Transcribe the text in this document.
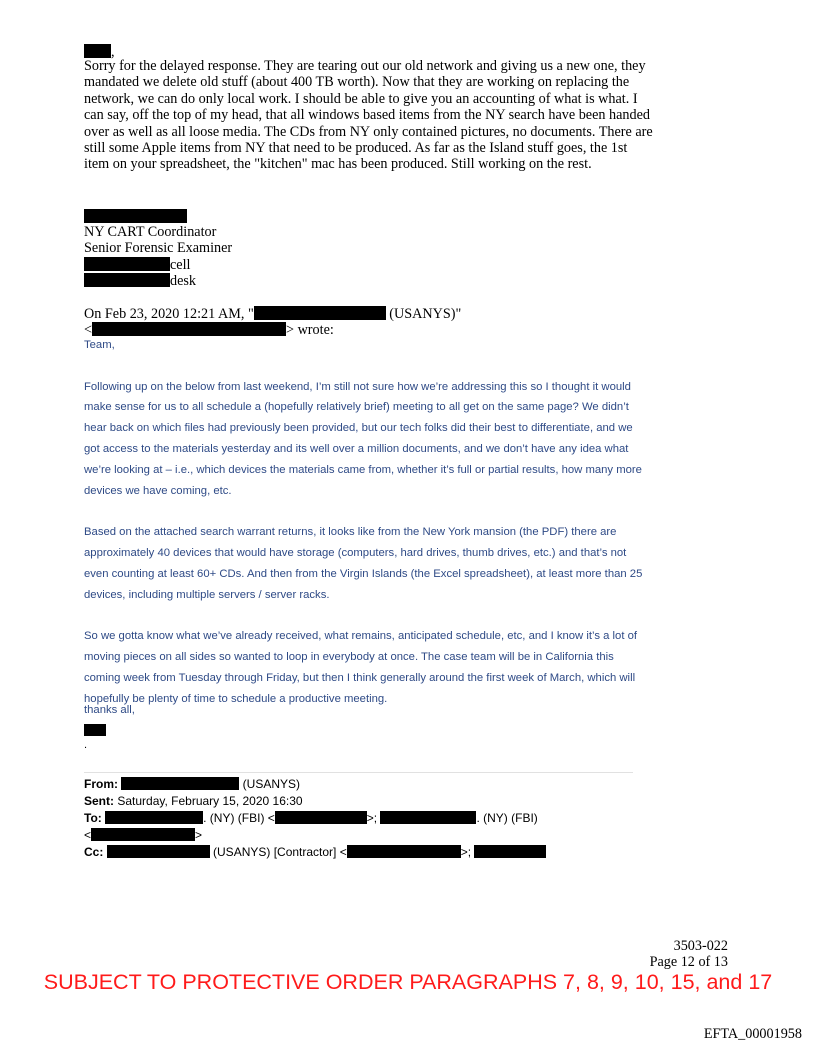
,

Sorry for the delayed response. They are tearing out our old network and giving us a new one, they mandated we delete old stuff (about 400 TB worth). Now that they are working on replacing the network, we can do only local work. I should be able to give you an accounting of what is what. I can say, off the top of my head, that all windows based items from the NY search have been handed over as well as all loose media. The CDs from NY only contained pictures, no documents. There are still some Apple items from NY that need to be produced. As far as the Island stuff goes, the 1st item on your spreadsheet, the "kitchen" mac has been produced. Still working on the rest.

NY CART Coordinator
Senior Forensic Examiner
cell
desk
On Feb 23, 2020 12:21 AM, "	(USANYS)"
<	> wrote:

Team,

Following up on the below from last weekend, I’m still not sure how we’re addressing this so I thought it would make sense for us to all schedule a (hopefully relatively brief) meeting to all get on the same page? We didn’t hear back on which files had previously been provided, but our tech folks did their best to differentiate, and we got access to the materials yesterday and its well over a million documents, and we don’t have any idea what we’re looking at – i.e., which devices the materials came from, whether it’s full or partial results, how many more devices we have coming, etc.

Based on the attached search warrant returns, it looks like from the New York mansion (the PDF) there are approximately 40 devices that would have storage (computers, hard drives, thumb drives, etc.) and that’s not even counting at least 60+ CDs. And then from the Virgin Islands (the Excel spreadsheet), at least more than 25 devices, including multiple servers / server racks.

So we gotta know what we’ve already received, what remains, anticipated schedule, etc, and I know it’s a lot of moving pieces on all sides so wanted to loop in everybody at once. The case team will be in California this coming week from Tuesday through Friday, but then I think generally around the first week of March, which will hopefully be plenty of time to schedule a productive meeting.

thanks all,
.
From:	(USANYS)
Sent: Saturday, February 15, 2020 16:30
To:	. (NY) (FBI) <	>;	. (NY) (FBI)
<	>
Cc:	(USANYS) [Contractor] <	>;
3503-022
Page 12 of 13
SUBJECT TO PROTECTIVE ORDER PARAGRAPHS 7, 8, 9, 10, 15, and 17
EFTA_00001958
